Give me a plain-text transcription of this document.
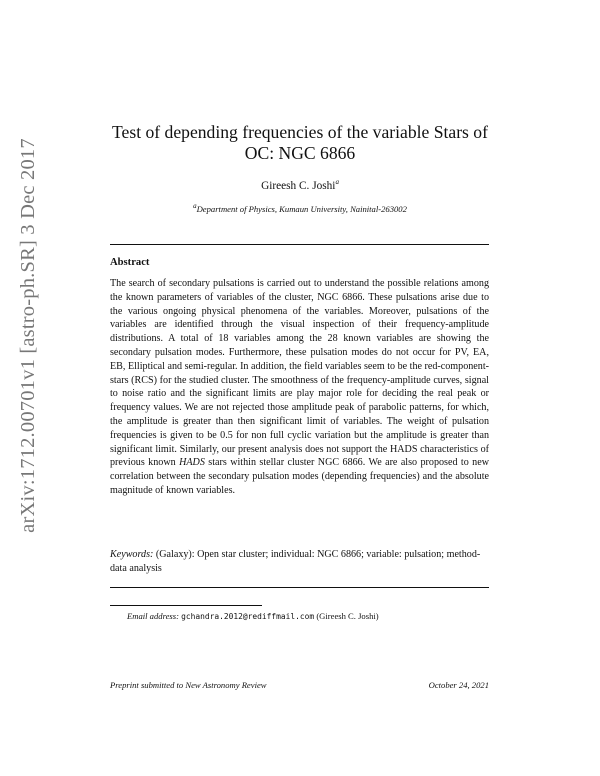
arXiv:1712.00701v1 [astro-ph.SR] 3 Dec 2017
Test of depending frequencies of the variable Stars of
OC: NGC 6866
Gireesh C. Joshi$^a$
$^a$Department of Physics, Kumaun University, Nainital-263002
Abstract
The search of secondary pulsations is carried out to understand the possible relations among the known parameters of variables of the cluster, NGC 6866. These pulsations arise due to the various ongoing physical phenomena of the variables. Moreover, pulsations of the variables are identified through the visual inspection of their frequency-amplitude distributions. A total of 18 variables among the 28 known variables are showing the secondary pulsation modes. Furthermore, these pulsation modes do not occur for PV, EA, EB, Elliptical and semi-regular. In addition, the field variables seem to be the red-component-stars (RCS) for the studied cluster. The smoothness of the frequency-amplitude curves, signal to noise ratio and the significant limits are play major role for deciding the real peak or frequency values. We are not rejected those amplitude peak of parabolic patterns, for which, the amplitude is greater than then significant limit of variables. The weight of pulsation frequencies is given to be 0.5 for non full cyclic variation but the amplitude is greater than significant limit. Similarly, our present analysis does not support the HADS characteristics of previous known HADS stars within stellar cluster NGC 6866. We are also proposed to new correlation between the secondary pulsation modes (depending frequencies) and the absolute magnitude of known variables.
Keywords: (Galaxy): Open star cluster; individual: NGC 6866; variable: pulsation; method-data analysis
Email address: gchandra.2012@rediffmail.com (Gireesh C. Joshi)
Preprint submitted to New Astronomy Review	October 24, 2021
